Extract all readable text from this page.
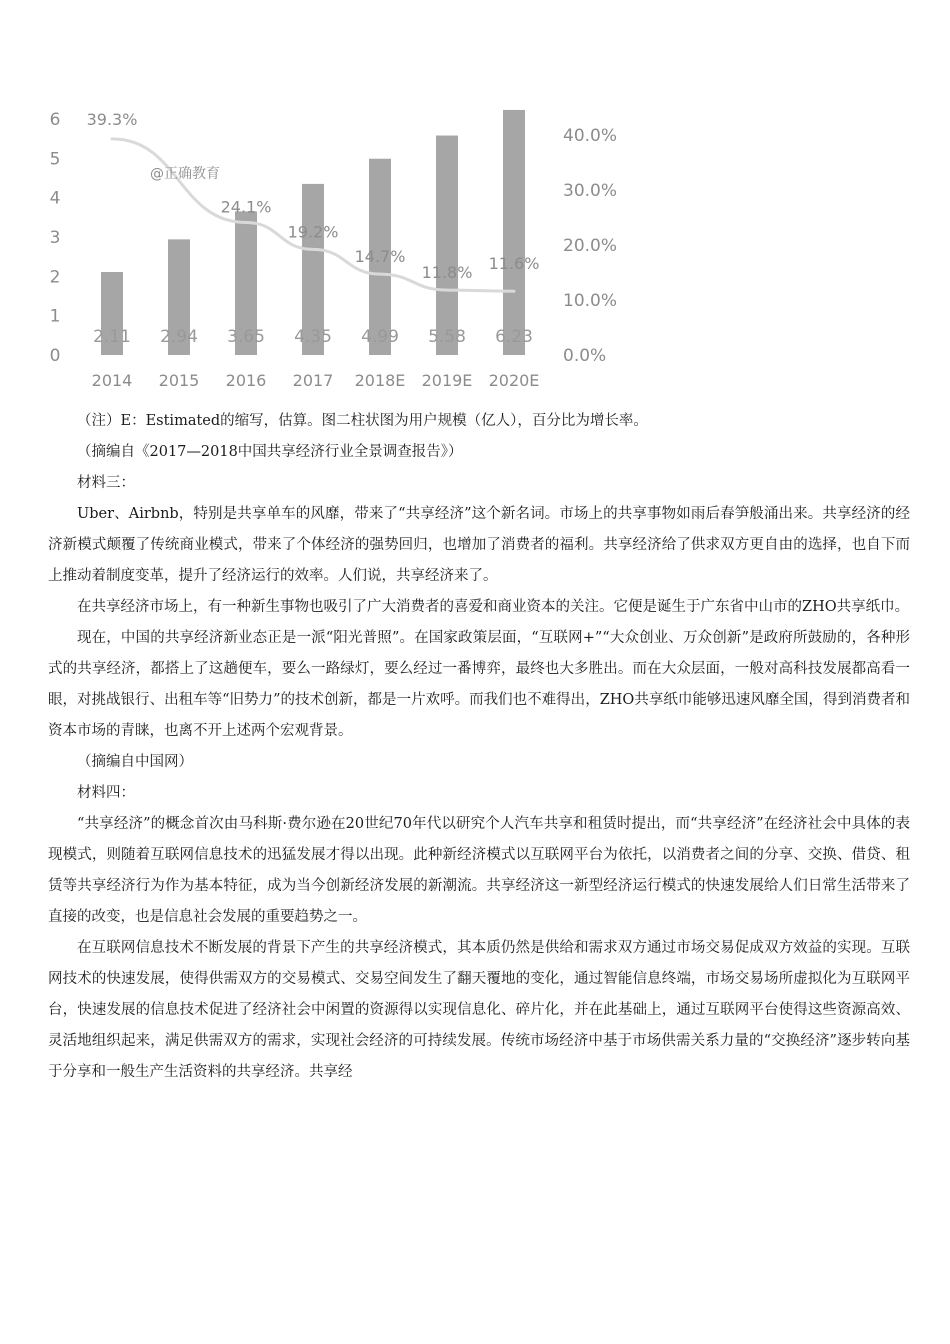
0
1
2
3
4
5
6
0.0%
10.0%
20.0%
30.0%
40.0%
2.11 2.94 3.65 4.35 4.99 5.58 6.23
39.3%
24.1%
19.2%
14.7%
11.8% 11.6%
2014 2015 2016 2017 2018E 2019E 2020E
@正确教育

（注）E：Estimated的缩写，估算。图二柱状图为用户规模（亿人），百分比为增长率。

（摘编自《2017—2018中国共享经济行业全景调查报告》）

材料三：

Uber、Airbnb，特别是共享单车的风靡，带来了“共享经济”这个新名词。市场上的共享事物如雨后春笋般涌出来。共享经济的经济新模式颠覆了传统商业模式，带来了个体经济的强势回归，也增加了消费者的福利。共享经济给了供求双方更自由的选择，也自下而上推动着制度变革，提升了经济运行的效率。人们说，共享经济来了。

在共享经济市场上，有一种新生事物也吸引了广大消费者的喜爱和商业资本的关注。它便是诞生于广东省中山市的ZHO共享纸巾。

现在，中国的共享经济新业态正是一派“阳光普照”。在国家政策层面，“互联网+”“大众创业、万众创新”是政府所鼓励的，各种形式的共享经济，都搭上了这趟便车，要么一路绿灯，要么经过一番博弈，最终也大多胜出。而在大众层面，一般对高科技发展都高看一眼，对挑战银行、出租车等“旧势力”的技术创新，都是一片欢呼。而我们也不难得出，ZHO共享纸巾能够迅速风靡全国，得到消费者和资本市场的青睐，也离不开上述两个宏观背景。

（摘编自中国网）

材料四：

“共享经济”的概念首次由马科斯·费尔逊在20世纪70年代以研究个人汽车共享和租赁时提出，而“共享经济”在经济社会中具体的表现模式，则随着互联网信息技术的迅猛发展才得以出现。此种新经济模式以互联网平台为依托，以消费者之间的分享、交换、借贷、租赁等共享经济行为作为基本特征，成为当今创新经济发展的新潮流。共享经济这一新型经济运行模式的快速发展给人们日常生活带来了直接的改变，也是信息社会发展的重要趋势之一。

在互联网信息技术不断发展的背景下产生的共享经济模式，其本质仍然是供给和需求双方通过市场交易促成双方效益的实现。互联网技术的快速发展，使得供需双方的交易模式、交易空间发生了翻天覆地的变化，通过智能信息终端，市场交易场所虚拟化为互联网平台，快速发展的信息技术促进了经济社会中闲置的资源得以实现信息化、碎片化，并在此基础上，通过互联网平台使得这些资源高效、灵活地组织起来，满足供需双方的需求，实现社会经济的可持续发展。传统市场经济中基于市场供需关系力量的“交换经济”逐步转向基于分享和一般生产生活资料的共享经济。共享经
